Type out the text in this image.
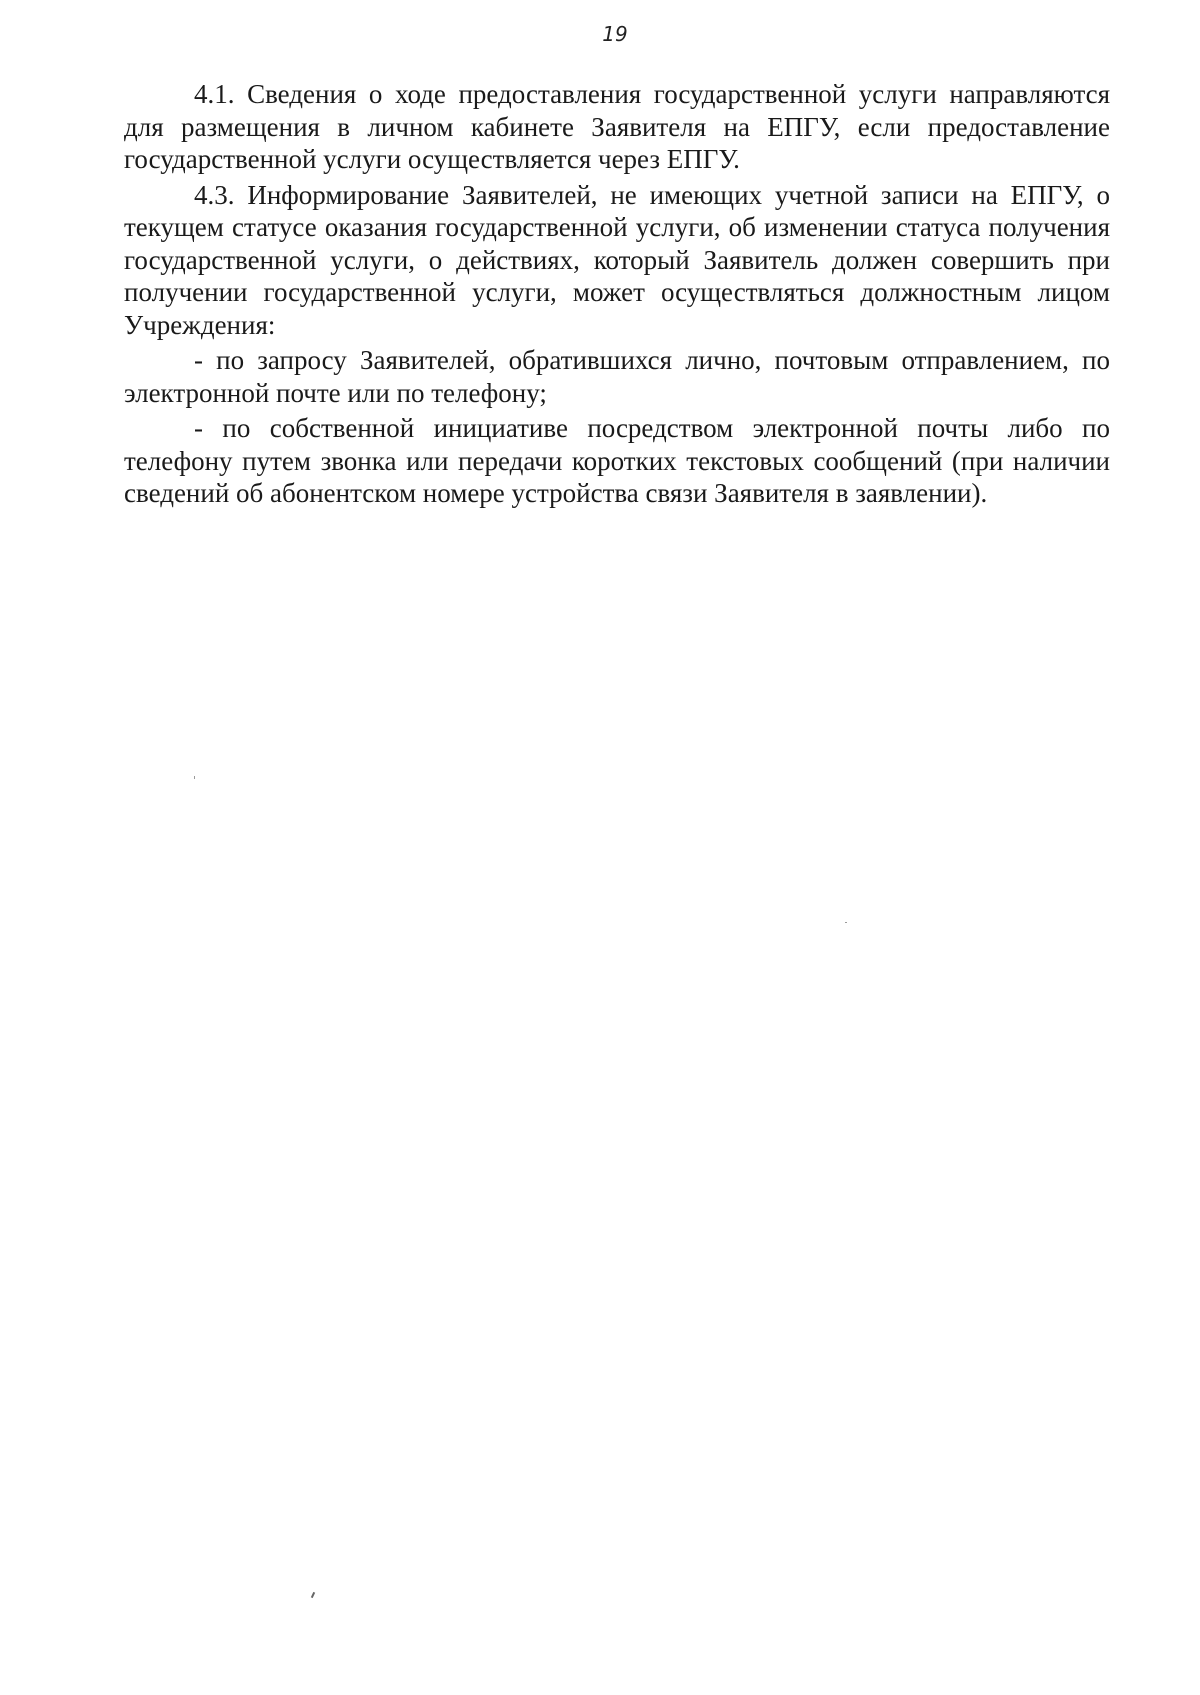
19

4.1. Сведения о ходе предоставления государственной услуги направляются для размещения в личном кабинете Заявителя на ЕПГУ, если предоставление государственной услуги осуществляется через ЕПГУ.

4.3. Информирование Заявителей, не имеющих учетной записи на ЕПГУ, о текущем статусе оказания государственной услуги, об изменении статуса получения государственной услуги, о действиях, который Заявитель должен совершить при получении государственной услуги, может осуществляться должностным лицом Учреждения:

- по запросу Заявителей, обратившихся лично, почтовым отправлением, по электронной почте или по телефону;

- по собственной инициативе посредством электронной почты либо по телефону путем звонка или передачи коротких текстовых сообщений (при наличии сведений об абонентском номере устройства связи Заявителя в заявлении).
